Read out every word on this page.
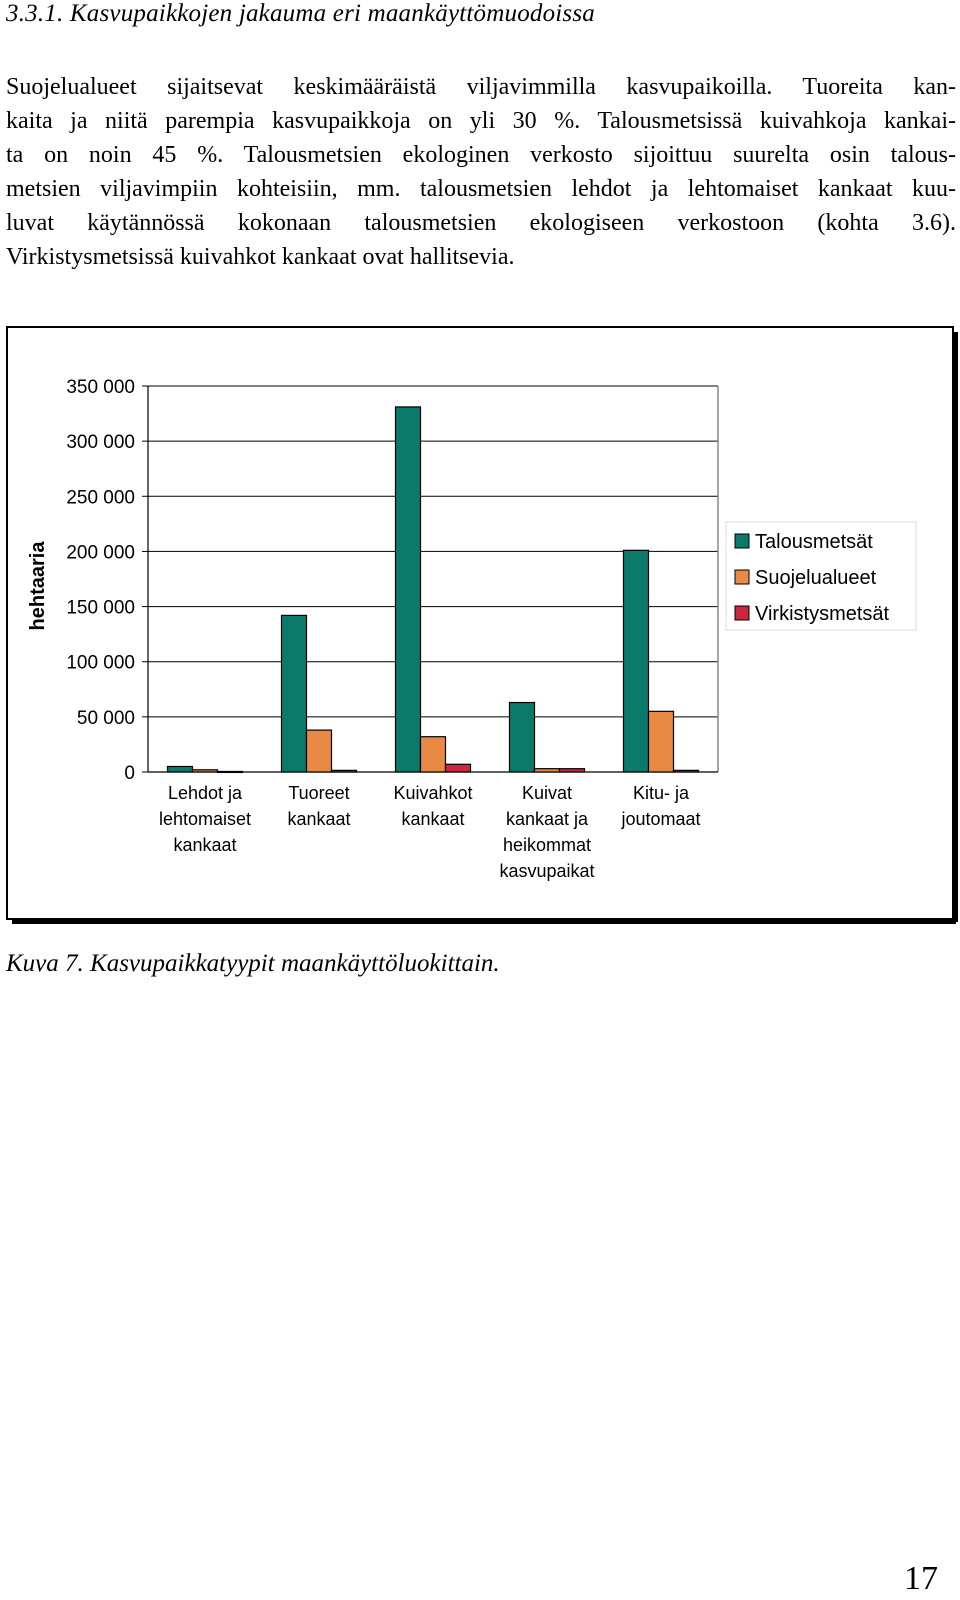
3.3.1. Kasvupaikkojen jakauma eri maankäyttömuodoissa
Suojelualueet sijaitsevat keskimääräistä viljavimmilla kasvupaikoilla. Tuoreita kan-
kaita ja niitä parempia kasvupaikkoja on yli 30 %. Talousmetsissä kuivahkoja kankai-
ta on noin 45 %. Talousmetsien ekologinen verkosto sijoittuu suurelta osin talous-
metsien viljavimpiin kohteisiin, mm. talousmetsien lehdot ja lehtomaiset kankaat kuu-
luvat käytännössä kokonaan talousmetsien ekologiseen verkostoon (kohta 3.6).
Virkistysmetsissä kuivahkot kankaat ovat hallitsevia.
0
50 000
100 000
150 000
200 000
250 000
300 000
350 000
hehtaaria
Lehdot ja
lehtomaiset
kankaat
Tuoreet
kankaat
Kuivahkot
kankaat
Kuivat
kankaat ja
heikommat
kasvupaikat
Kitu- ja
joutomaat
Talousmetsät
Suojelualueet
Virkistysmetsät
Kuva 7. Kasvupaikkatyypit maankäyttöluokittain.
17
